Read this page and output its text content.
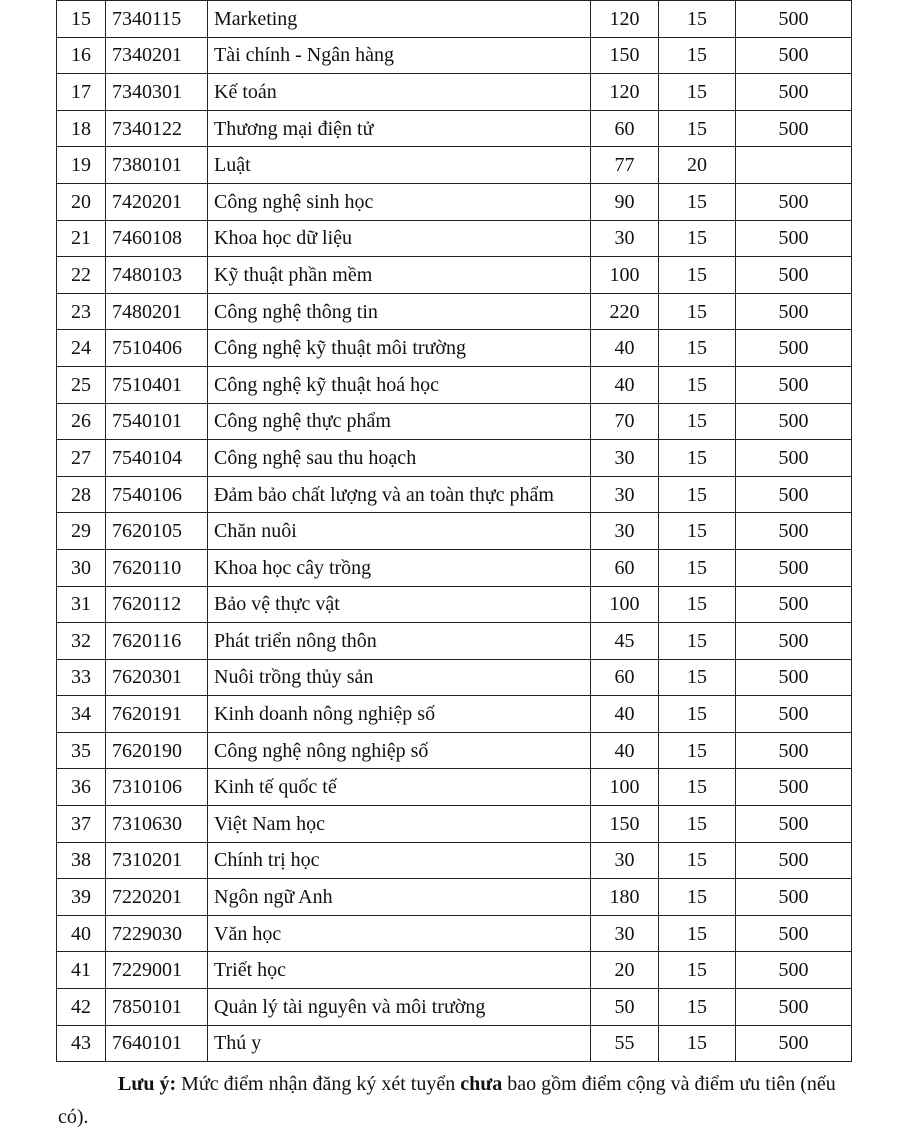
15	7340115	Marketing	120	15	500
16	7340201	Tài chính - Ngân hàng	150	15	500
17	7340301	Kế toán	120	15	500
18	7340122	Thương mại điện tử	60	15	500
19	7380101	Luật	77	20	
20	7420201	Công nghệ sinh học	90	15	500
21	7460108	Khoa học dữ liệu	30	15	500
22	7480103	Kỹ thuật phần mềm	100	15	500
23	7480201	Công nghệ thông tin	220	15	500
24	7510406	Công nghệ kỹ thuật môi trường	40	15	500
25	7510401	Công nghệ kỹ thuật hoá học	40	15	500
26	7540101	Công nghệ thực phẩm	70	15	500
27	7540104	Công nghệ sau thu hoạch	30	15	500
28	7540106	Đảm bảo chất lượng và an toàn thực phẩm	30	15	500
29	7620105	Chăn nuôi	30	15	500
30	7620110	Khoa học cây trồng	60	15	500
31	7620112	Bảo vệ thực vật	100	15	500
32	7620116	Phát triển nông thôn	45	15	500
33	7620301	Nuôi trồng thủy sản	60	15	500
34	7620191	Kinh doanh nông nghiệp số	40	15	500
35	7620190	Công nghệ nông nghiệp số	40	15	500
36	7310106	Kinh tế quốc tế	100	15	500
37	7310630	Việt Nam học	150	15	500
38	7310201	Chính trị học	30	15	500
39	7220201	Ngôn ngữ Anh	180	15	500
40	7229030	Văn học	30	15	500
41	7229001	Triết học	20	15	500
42	7850101	Quản lý tài nguyên và môi trường	50	15	500
43	7640101	Thú y	55	15	500
Lưu ý: Mức điểm nhận đăng ký xét tuyển chưa bao gồm điểm cộng và điểm ưu tiên (nếu có).
